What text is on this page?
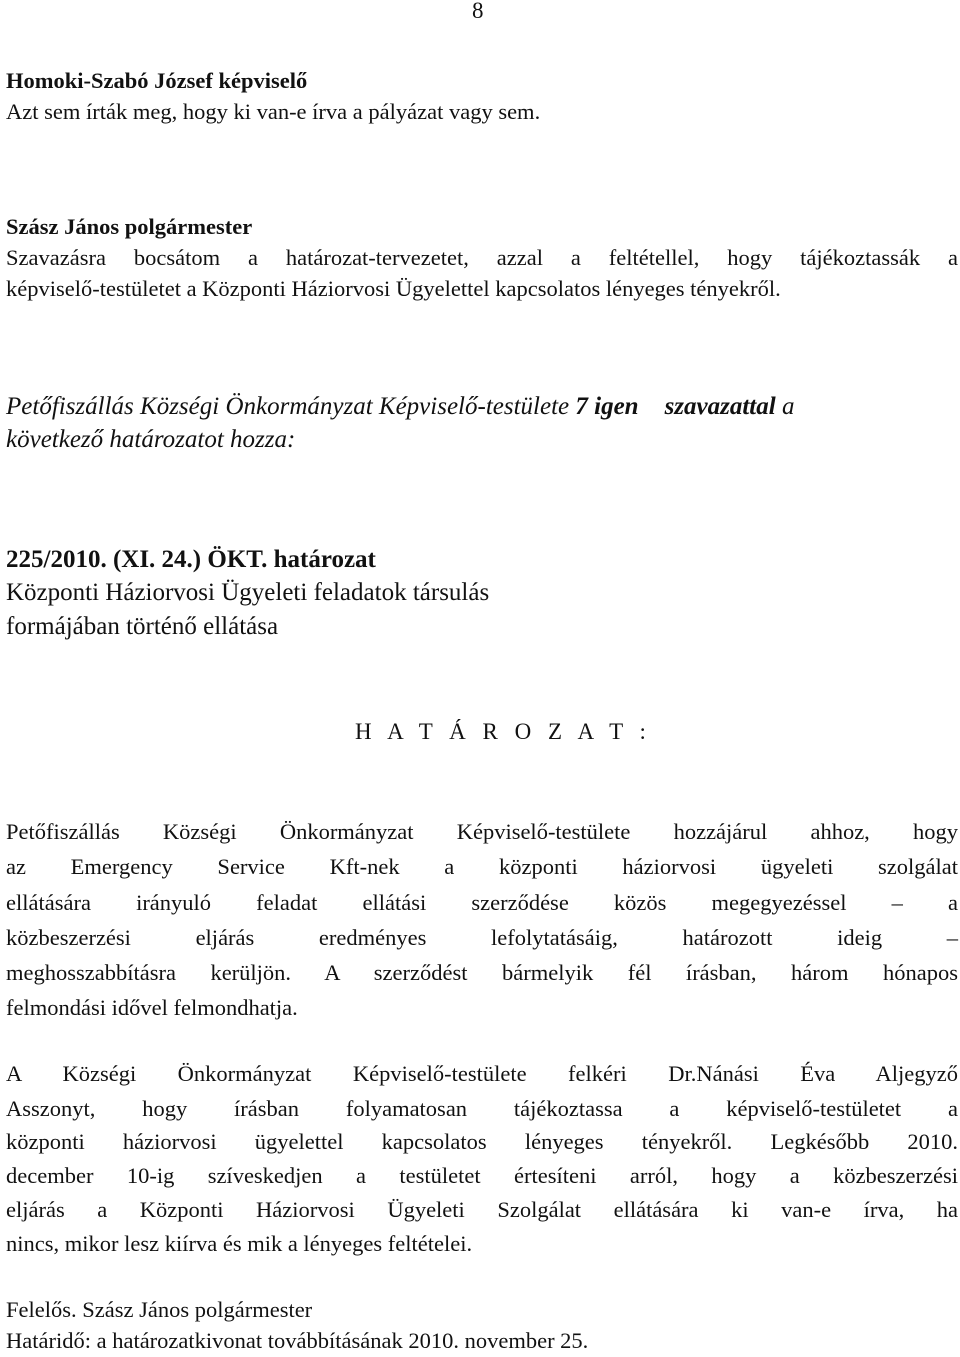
8
Homoki-Szabó József képviselő
Azt sem írták meg, hogy ki van-e írva a pályázat vagy sem.
Szász János polgármester
Szavazásra bocsátom a határozat-tervezetet, azzal a feltétellel, hogy tájékoztassák a
képviselő-testületet a Központi Háziorvosi Ügyelettel kapcsolatos lényeges tényekről.
Petőfiszállás Községi Önkormányzat Képviselő-testülete 7 igen szavazattal a
következő határozatot hozza:
225/2010. (XI. 24.) ÖKT. határozat
Központi Háziorvosi Ügyeleti feladatok társulás
formájában történő ellátása
H A T Á R O Z A T :
Petőfiszállás Községi Önkormányzat Képviselő-testülete hozzájárul ahhoz, hogy
az Emergency Service Kft-nek a központi háziorvosi ügyeleti szolgálat
ellátására irányuló feladat ellátási szerződése közös megegyezéssel – a
közbeszerzési eljárás eredményes lefolytatásáig, határozott ideig –
meghosszabbításra kerüljön. A szerződést bármelyik fél írásban, három hónapos
felmondási idővel felmondhatja.
A Községi Önkormányzat Képviselő-testülete felkéri Dr.Nánási Éva Aljegyző
Asszonyt, hogy írásban folyamatosan tájékoztassa a képviselő-testületet a
központi háziorvosi ügyelettel kapcsolatos lényeges tényekről. Legkésőbb 2010.
december 10-ig szíveskedjen a testületet értesíteni arról, hogy a közbeszerzési
eljárás a Központi Háziorvosi Ügyeleti Szolgálat ellátására ki van-e írva, ha
nincs, mikor lesz kiírva és mik a lényeges feltételei.
Felelős. Szász János polgármester
Határidő: a határozatkivonat továbbításának 2010. november 25.
